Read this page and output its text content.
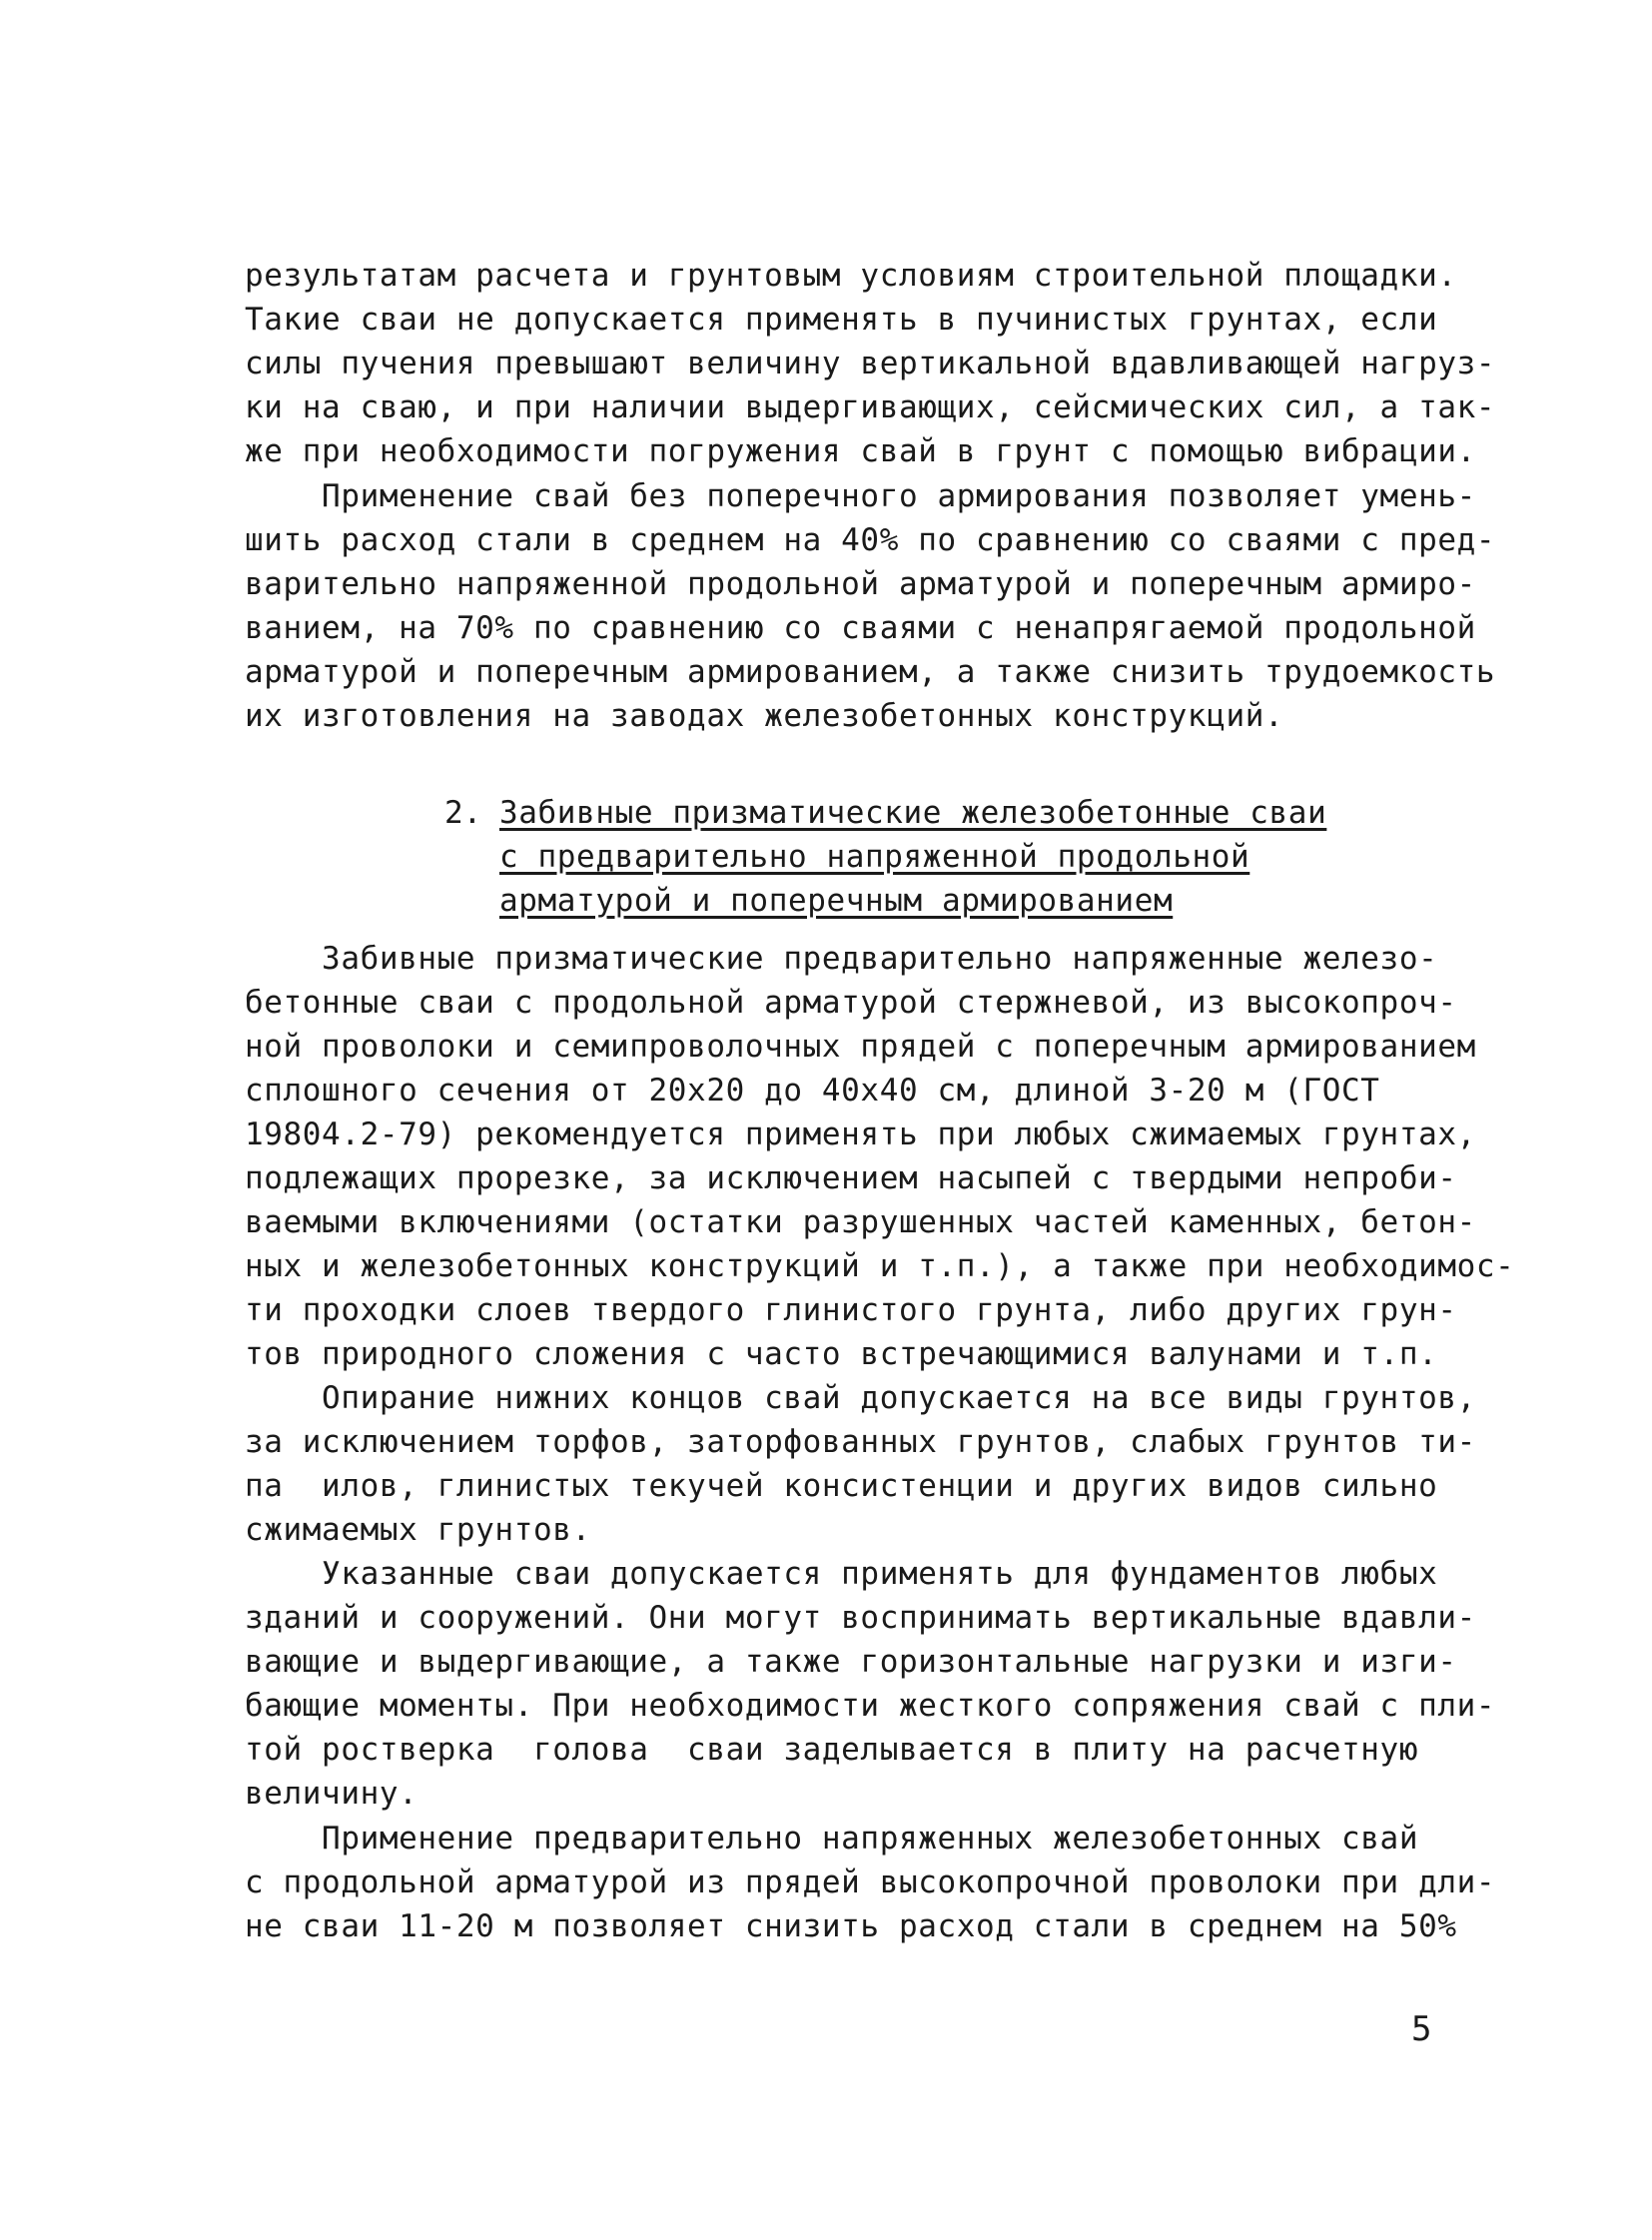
результатам расчета и грунтовым условиям строительной площадки.
Такие сваи не допускается применять в пучинистых грунтах, если
силы пучения превышают величину вертикальной вдавливающей нагруз-
ки на сваю, и при наличии выдергивающих, сейсмических сил, а так-
же при необходимости погружения свай в грунт с помощью вибрации.
Применение свай без поперечного армирования позволяет умень-
шить расход стали в среднем на 40% по сравнению со сваями с пред-
варительно напряженной продольной арматурой и поперечным армиро-
ванием, на 70% по сравнению со сваями с ненапрягаемой продольной
арматурой и поперечным армированием, а также снизить трудоемкость
их изготовления на заводах железобетонных конструкций.
2. Забивные призматические железобетонные сваи
с предварительно напряженной продольной
арматурой и поперечным армированием
Забивные призматические предварительно напряженные железо-
бетонные сваи с продольной арматурой стержневой, из высокопроч-
ной проволоки и семипроволочных прядей с поперечным армированием
сплошного сечения от 20х20 до 40х40 см, длиной 3-20 м (ГОСТ
19804.2-79) рекомендуется применять при любых сжимаемых грунтах,
подлежащих прорезке, за исключением насыпей с твердыми непроби-
ваемыми включениями (остатки разрушенных частей каменных, бетон-
ных и железобетонных конструкций и т.п.), а также при необходимос-
ти проходки слоев твердого глинистого грунта, либо других грун-
тов природного сложения с часто встречающимися валунами и т.п.
Опирание нижних концов свай допускается на все виды грунтов,
за исключением торфов, заторфованных грунтов, слабых грунтов ти-
па  илов, глинистых текучей консистенции и других видов сильно
сжимаемых грунтов.
Указанные сваи допускается применять для фундаментов любых
зданий и сооружений. Они могут воспринимать вертикальные вдавли-
вающие и выдергивающие, а также горизонтальные нагрузки и изги-
бающие моменты. При необходимости жесткого сопряжения свай с пли-
той ростверка  голова  сваи заделывается в плиту на расчетную
величину.
Применение предварительно напряженных железобетонных свай
с продольной арматурой из прядей высокопрочной проволоки при дли-
не сваи 11-20 м позволяет снизить расход стали в среднем на 50%
5
